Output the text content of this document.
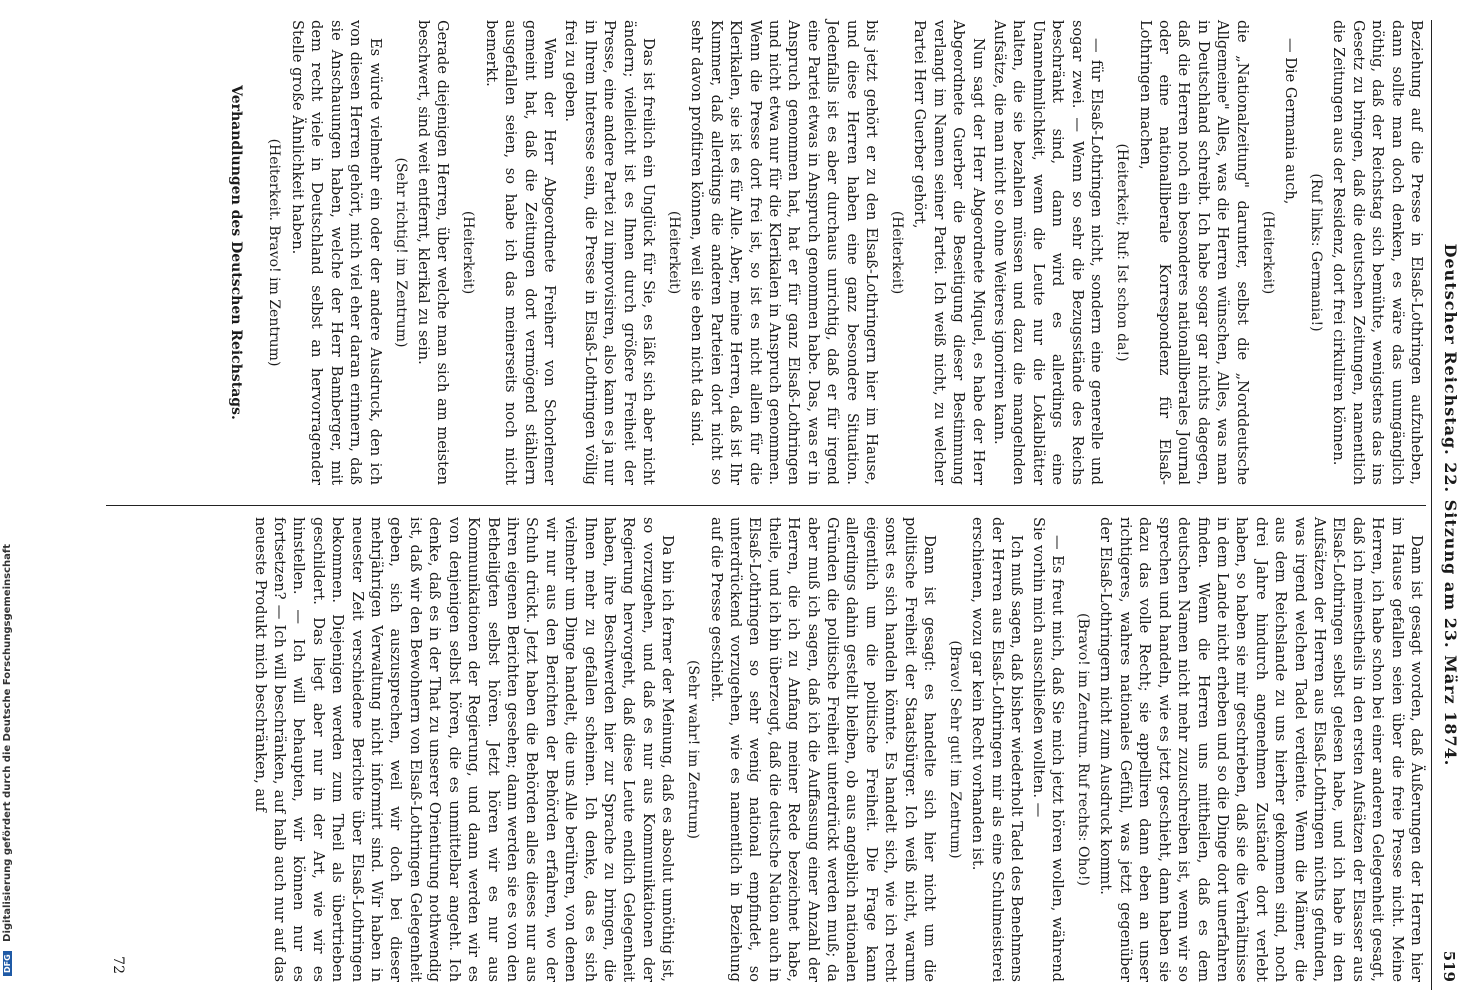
DFG Digitalisierung gefördert durch die Deutsche Forschungsgemeinschaft	Deutscher Reichstag. 22. Sitzung am 23. März 1874.
519
Beziehung auf die Presse in Elsaß-Lothringen aufzuheben, dann sollte man doch denken, es wäre das unumgänglich nöthig, daß der Reichstag sich bemühte, wenigstens das ins Gesetz zu bringen, daß die deutschen Zeitungen, namentlich die Zeitungen aus der Residenz, dort frei cirkuliren können.
(Ruf links: Germania!)
— Die Germania auch,
(Heiterkeit)
die „Nationalzeitung" darunter, selbst die „Norddeutsche Allgemeine" Alles, was die Herren wünschen, Alles, was man in Deutschland schreibt. Ich habe sogar gar nichts dagegen, daß die Herren noch ein besonderes nationalliberales Journal oder eine nationalliberale Korrespondenz für Elsaß-Lothringen machen,
(Heiterkeit; Ruf: Ist schon da!)
— für Elsaß-Lothringen nicht, sondern eine generelle und sogar zwei. — Wenn so sehr die Bezugsstände des Reichs beschränkt sind, dann wird es allerdings eine Unannehmlichkeit, wenn die Leute nur die Lokalblätter halten, die sie bezahlen müssen und dazu die mangelnden Aufsätze, die man nicht so ohne Weiteres ignoriren kann.
Nun sagt der Herr Abgeordnete Miquel, es habe der Herr Abgeordnete Guerber die Beseitigung dieser Bestimmung verlangt im Namen seiner Partei. Ich weiß nicht, zu welcher Partei Herr Guerber gehört,
(Heiterkeit)
bis jetzt gehört er zu den Elsaß-Lothringern hier im Hause, und diese Herren haben eine ganz besondere Situation. Jedenfalls ist es aber durchaus unrichtig, daß er für irgend eine Partei etwas in Anspruch genommen habe. Das, was er in Anspruch genommen hat, hat er für ganz Elsaß-Lothringen und nicht etwa nur für die Klerikalen in Anspruch genommen. Wenn die Presse dort frei ist, so ist es nicht allein für die Klerikalen, sie ist es für Alle. Aber, meine Herren, daß ist Ihr Kummer, daß allerdings die anderen Parteien dort nicht so sehr davon profitiren können, weil sie eben nicht da sind.
(Heiterkeit)
Das ist freilich ein Unglück für Sie, es läßt sich aber nicht ändern; vielleicht ist es Ihnen durch größere Freiheit der Presse, eine andere Partei zu improvisiren, also kann es ja nur in Ihrem Interesse sein, die Presse in Elsaß-Lothringen völlig frei zu geben.
Wenn der Herr Abgeordnete Freiherr von Schorlemer gemeint hat, daß die Zeitungen dort vermögend stählern ausgefallen seien, so habe ich das meinerseits noch nicht bemerkt.
(Heiterkeit)
Gerade diejenigen Herren, über welche man sich am meisten beschwert, sind weit entfernt, klerikal zu sein.
(Sehr richtig! im Zentrum)
Es würde vielmehr ein oder der andere Ausdruck, den ich von diesen Herren gehört, mich viel eher daran erinnern, daß sie Anschauungen haben, welche der Herr Bamberger, mit dem recht viele in Deutschland selbst an hervorragender Stelle große Ähnlichkeit haben.
(Heiterkeit. Bravo! im Zentrum)
Verhandlungen des Deutschen Reichstags.
Dann ist gesagt worden, daß Äußerungen der Herren hier im Hause gefallen seien über die freie Presse nicht. Meine Herren, ich habe schon bei einer anderen Gelegenheit gesagt, daß ich meinestheils in den ersten Aufsätzen der Elsasser aus Elsaß-Lothringen selbst gelesen habe, und ich habe in den Aufsätzen der Herren aus Elsaß-Lothringen nichts gefunden, was irgend welchen Tadel verdiente. Wenn die Männer, die aus dem Reichslande zu uns hierher gekommen sind, noch drei Jahre hindurch angenehmen Zustände dort verlebt haben, so haben sie mir geschrieben, daß sie die Verhältnisse in dem Lande nicht erheben und so die Dinge dort unerfahren finden. Wenn die Herren uns mittheilen, daß es dem deutschen Namen nicht mehr zuzuschreiben ist, wenn wir so sprechen und handeln, wie es jetzt geschieht, dann haben sie dazu das volle Recht; sie appelliren dann eben an unser richtigeres, wahres nationales Gefühl, was jetzt gegenüber der Elsaß-Lothringern nicht zum Ausdruck kommt.
(Bravo! im Zentrum. Ruf rechts: Oho!)
— Es freut mich, daß Sie mich jetzt hören wollen, während Sie vorhin mich ausschließen wollten. —
Ich muß sagen, daß bisher wiederholt Tadel des Benehmens der Herren aus Elsaß-Lothringen mir als eine Schulmeisterei erschienen, wozu gar kein Recht vorhanden ist.
(Bravo! Sehr gut! im Zentrum)
Dann ist gesagt: es handelte sich hier nicht um die politische Freiheit der Staatsbürger. Ich weiß nicht, warum sonst es sich handeln könnte. Es handelt sich, wie ich recht eigentlich um die politische Freiheit. Die Frage kann allerdings dahin gestellt bleiben, ob aus angeblich nationalen Gründen die politische Freiheit unterdrückt werden muß; da aber muß ich sagen, daß ich die Auffassung einer Anzahl der Herren, die ich zu Anfang meiner Rede bezeichnet habe, theile, und ich bin überzeugt, daß die deutsche Nation auch in Elsaß-Lothringen so sehr wenig national empfindet, so unterdrückend vorzugehen, wie es namentlich in Beziehung auf die Presse geschieht.
(Sehr wahr! im Zentrum)
Da bin ich ferner der Meinung, daß es absolut unnöthig ist, so vorzugehen, und daß es nur aus Kommunikationen der Regierung hervorgeht, daß diese Leute endlich Gelegenheit haben, ihre Beschwerden hier zur Sprache zu bringen, die Ihnen mehr zu gefallen scheinen. Ich denke, das es sich vielmehr um Dinge handelt, die uns Alle berühren, von denen wir nur aus den Berichten der Behörden erfahren, wo der Schuh drückt. Jetzt haben die Behörden alles dieses nur aus ihren eigenen Berichten gesehen; dann werden sie es von den Betheiligten selbst hören. Jetzt hören wir es nur aus Kommunikationen der Regierung, und dann werden wir es von denjenigen selbst hören, die es unmittelbar angeht. Ich denke, daß es in der That zu unserer Orientirung nothwendig ist, daß wir den Bewohnern von Elsaß-Lothringen Gelegenheit geben, sich auszusprechen, weil wir doch bei dieser mehrjährigen Verwaltung nicht informirt sind. Wir haben in neuester Zeit verschiedene Berichte über Elsaß-Lothringen bekommen. Diejenigen werden zum Theil als übertrieben geschildert. Das liegt aber nur in der Art, wie wir es hinstellen. — Ich will behaupten, wir können nur es fortsetzen? — Ich will beschränken, auf halb auch nur auf das neueste Produkt mich beschränken, auf
72
